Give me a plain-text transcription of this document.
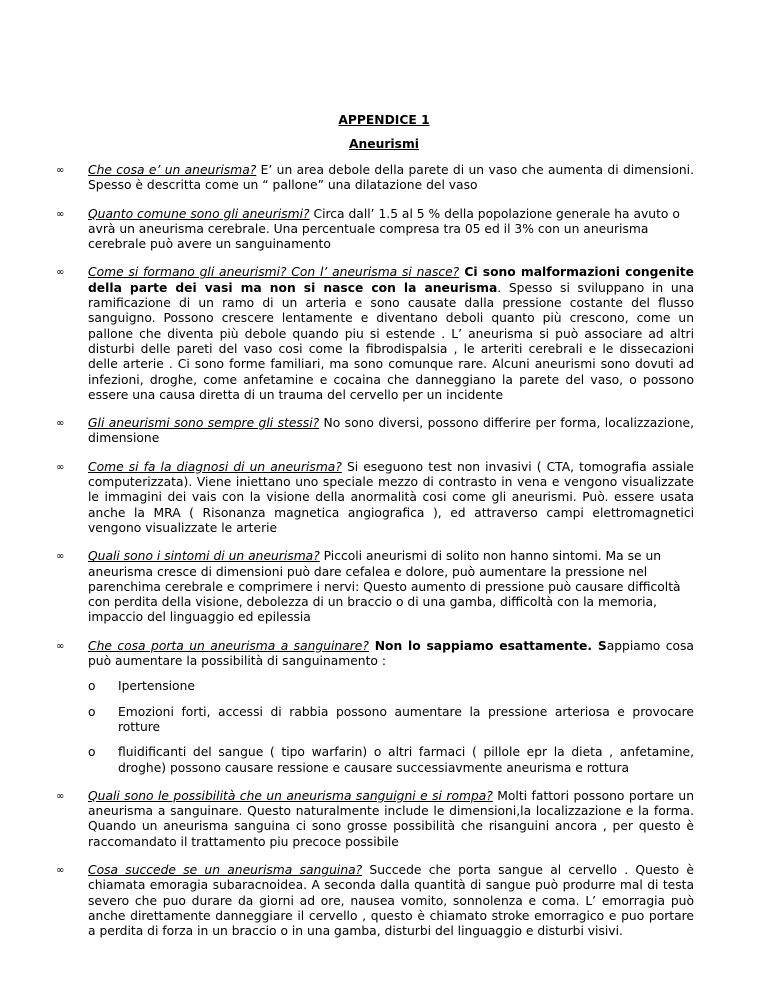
APPENDICE 1
Aneurismi
∞ Che cosa e’ un aneurisma? E’ un area debole della parete di un vaso che aumenta di dimensioni. Spesso è descritta come un “ pallone” una dilatazione del vaso
∞ Quanto comune sono gli aneurismi? Circa dall’ 1.5 al 5 % della popolazione generale ha avuto o avrà un aneurisma cerebrale. Una percentuale compresa tra 05 ed il 3% con un aneurisma cerebrale può avere un sanguinamento
∞ Come si formano gli aneurismi? Con l’ aneurisma si nasce? Ci sono malformazioni congenite della parte dei vasi ma non si nasce con la aneurisma. Spesso si sviluppano in una ramificazione di un ramo di un arteria e sono causate dalla pressione costante del flusso sanguigno. Possono crescere lentamente e diventano deboli quanto più crescono, come un pallone che diventa più debole quando piu si estende . L’ aneurisma si può associare ad altri disturbi delle pareti del vaso cosi come la fibrodispalsia , le arteriti cerebrali e le dissecazioni delle arterie . Ci sono forme familiari, ma sono comunque rare. Alcuni aneurismi sono dovuti ad infezioni, droghe, come anfetamine e cocaina che danneggiano la parete del vaso, o possono essere una causa diretta di un trauma del cervello per un incidente
∞ Gli aneurismi sono sempre gli stessi? No sono diversi, possono differire per forma, localizzazione, dimensione
∞ Come si fa la diagnosi di un aneurisma? Si eseguono test non invasivi ( CTA, tomografia assiale computerizzata). Viene iniettano uno speciale mezzo di contrasto in vena e vengono visualizzate le immagini dei vais con la visione della anormalità cosi come gli aneurismi. Può. essere usata anche la MRA ( Risonanza magnetica angiografica ), ed attraverso campi elettromagnetici vengono visualizzate le arterie
∞ Quali sono i sintomi di un aneurisma? Piccoli aneurismi di solito non hanno sintomi. Ma se un aneurisma cresce di dimensioni può dare cefalea e dolore, può aumentare la pressione nel parenchima cerebrale e comprimere i nervi: Questo aumento di pressione può causare difficoltà con perdita della visione, debolezza di un braccio o di una gamba, difficoltà con la memoria, impaccio del linguaggio ed epilessia
∞ Che cosa porta un aneurisma a sanguinare? Non lo sappiamo esattamente. Sappiamo cosa può aumentare la possibilità di sanguinamento :
o Ipertensione
o Emozioni forti, accessi di rabbia possono aumentare la pressione arteriosa e provocare rotture
o fluidificanti del sangue ( tipo warfarin) o altri farmaci ( pillole epr la dieta , anfetamine, droghe) possono causare ressione e causare successiavmente aneurisma e rottura
∞ Quali sono le possibilità che un aneurisma sanguigni e si rompa? Molti fattori possono portare un aneurisma a sanguinare. Questo naturalmente include le dimensioni,la localizzazione e la forma. Quando un aneurisma sanguina ci sono grosse possibilità che risanguini ancora , per questo è raccomandato il trattamento piu precoce possibile
∞ Cosa succede se un aneurisma sanguina? Succede che porta sangue al cervello . Questo è chiamata emoragia subaracnoidea. A seconda dalla quantità di sangue può produrre mal di testa severo che puo durare da giorni ad ore, nausea vomito, sonnolenza e coma. L’ emorragia può anche direttamente danneggiare il cervello , questo è chiamato stroke emorragico e puo portare a perdita di forza in un braccio o in una gamba, disturbi del linguaggio e disturbi visivi.
